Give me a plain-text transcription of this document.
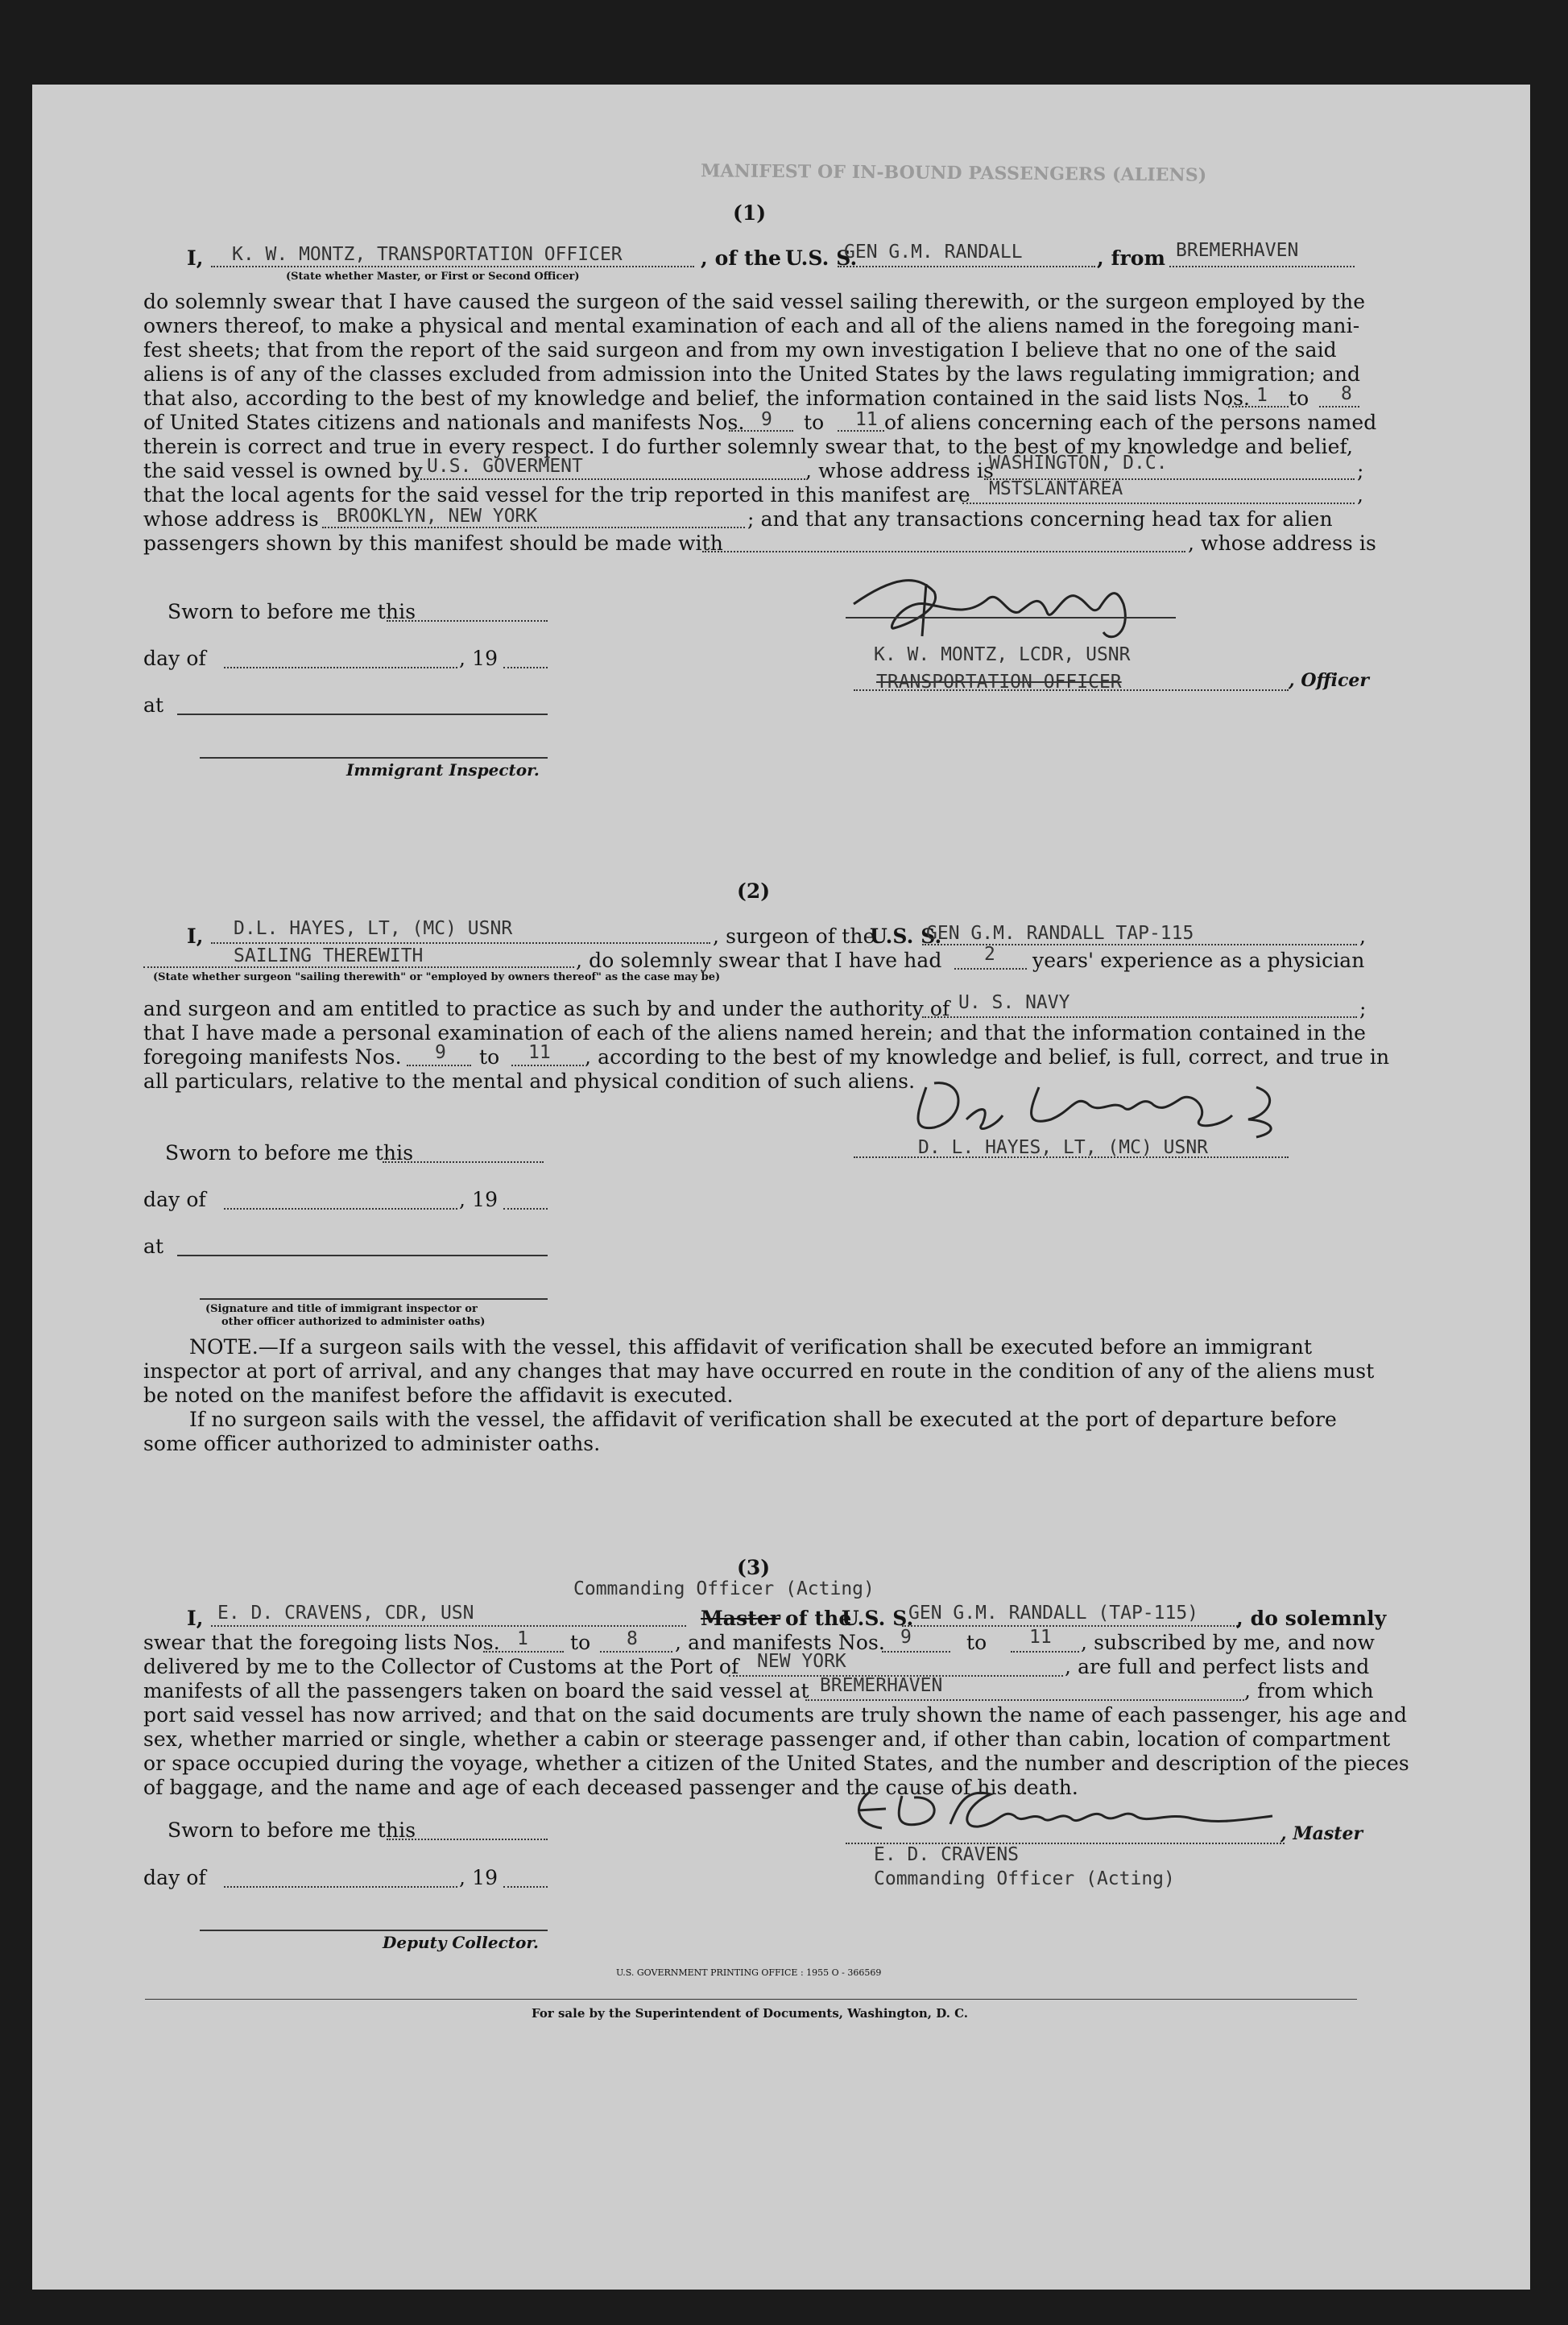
MANIFEST OF IN-BOUND PASSENGERS (ALIENS)
(1)
I, K. W. MONTZ, TRANSPORTATION OFFICER
(State whether Master, or First or Second Officer)
, of the U.S. S.
GEN G.M. RANDALL	, from BREMERHAVEN
do solemnly swear that I have caused the surgeon of the said vessel sailing therewith, or the surgeon employed by the
owners thereof, to make a physical and mental examination of each and all of the aliens named in the foregoing mani-
fest sheets; that from the report of the said surgeon and from my own investigation I believe that no one of the said
aliens is of any of the classes excluded from admission into the United States by the laws regulating immigration; and
that also, according to the best of my knowledge and belief, the information contained in the said lists Nos. 1 to 8
of United States citizens and nationals and manifests Nos. 9 to 11 of aliens concerning each of the persons named
therein is correct and true in every respect. I do further solemnly swear that, to the best of my knowledge and belief,
the said vessel is owned by U.S. GOVERMENT	, whose address is
WASHINGTON, D.C.	;
that the local agents for the said vessel for the trip reported in this manifest are MSTSLANTAREA	,
whose address is BROOKLYN, NEW YORK	; and that any transactions concerning head tax for alien
passengers shown by this manifest should be made with	, whose address is
Sworn to before me this
day of	, 19
at
Immigrant Inspector.
K. W. MONTZ, LCDR, USNR
TRANSPORTATION OFFICER	, Officer
(2)
I, D.L. HAYES, LT, (MC) USNR	, surgeon of the
U.S. S.
GEN G.M. RANDALL TAP-115	,
SAILING THEREWITH
(State whether surgeon "sailing therewith" or "employed by owners thereof" as the case may be)
, do solemnly swear that I have had 2 years' experience as a physician
and surgeon and am entitled to practice as such by and under the authority of U. S. NAVY	;
that I have made a personal examination of each of the aliens named herein; and that the information contained in the
foregoing manifests Nos. 9 to 11 , according to the best of my knowledge and belief, is full, correct, and true in
all particulars, relative to the mental and physical condition of such aliens.
D. L. HAYES, LT, (MC) USNR
Sworn to before me this
day of	, 19
at
(Signature and title of immigrant inspector or
other officer authorized to administer oaths)
NOTE.—If a surgeon sails with the vessel, this affidavit of verification shall be executed before an immigrant
inspector at port of arrival, and any changes that may have occurred en route in the condition of any of the aliens must
be noted on the manifest before the affidavit is executed.
If no surgeon sails with the vessel, the affidavit of verification shall be executed at the port of departure before
some officer authorized to administer oaths.
(3)
Commanding Officer (Acting)
I, E. D. CRAVENS, CDR, USN	Master of the
U.S. S.
GEN G.M. RANDALL (TAP-115) , do solemnly
swear that the foregoing lists Nos. 1 to 8 , and manifests Nos. 9	to 11 , subscribed by me, and now
delivered by me to the Collector of Customs at the Port of NEW YORK	, are full and perfect lists and
manifests of all the passengers taken on board the said vessel at BREMERHAVEN	, from which
port said vessel has now arrived; and that on the said documents are truly shown the name of each passenger, his age and
sex, whether married or single, whether a cabin or steerage passenger and, if other than cabin, location of compartment
or space occupied during the voyage, whether a citizen of the United States, and the number and description of the pieces
of baggage, and the name and age of each deceased passenger and the cause of his death.
, Master
Sworn to before me this
day of	, 19
E. D. CRAVENS
Commanding Officer (Acting)
Deputy Collector.
U.S. GOVERNMENT PRINTING OFFICE : 1955 O - 366569
For sale by the Superintendent of Documents, Washington, D. C.
